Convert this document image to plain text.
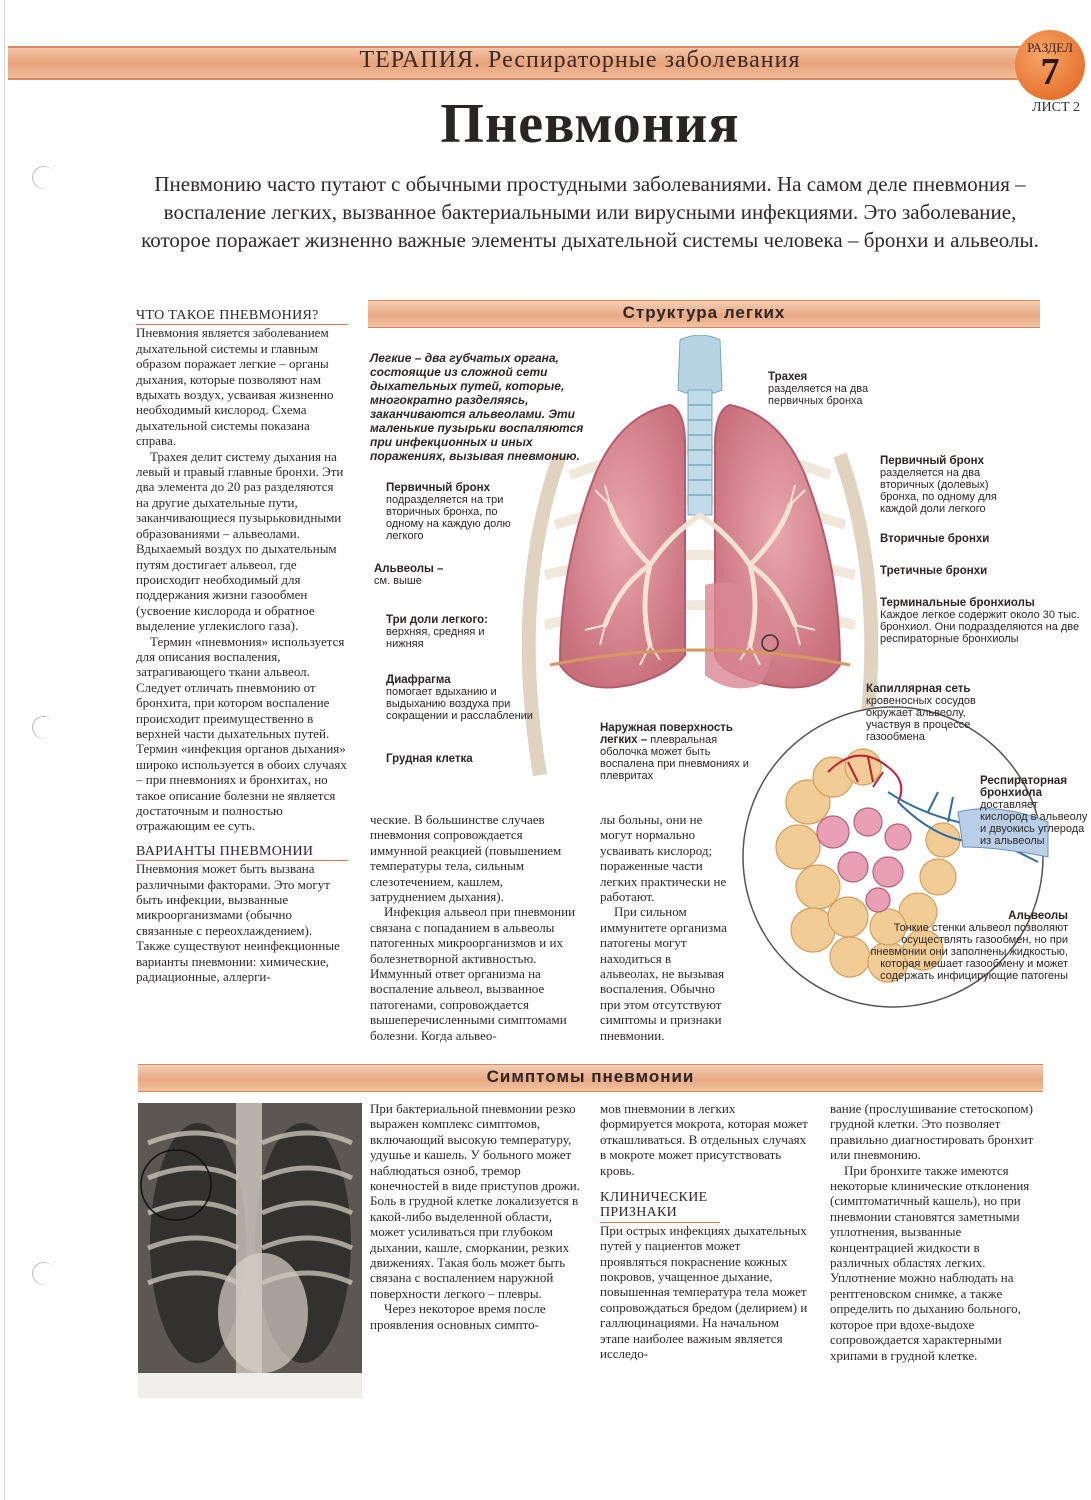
ТЕРАПИЯ. Респираторные заболевания	РАЗДЕЛ
7
ЛИСТ 2
Пневмония
Пневмонию часто путают с обычными простудными заболеваниями. На самом деле пневмония – воспаление легких, вызванное бактериальными или вирусными инфекциями. Это заболевание, которое поражает жизненно важные элементы дыхательной системы человека – бронхи и альвеолы.
ЧТО ТАКОЕ ПНЕВМОНИЯ?

Пневмония является заболеванием дыхательной системы и главным образом поражает легкие – органы дыхания, которые позволяют нам вдыхать воздух, усваивая жизненно необходимый кислород. Схема дыхательной системы показана справа.

Трахея делит систему дыхания на левый и правый главные бронхи. Эти два элемента до 20 раз разделяются на другие дыхательные пути, заканчивающиеся пузырьковидными образованиями – альвеолами. Вдыхаемый воздух по дыхательным путям достигает альвеол, где происходит необходимый для поддержания жизни газообмен (усвоение кислорода и обратное выделение углекислого газа).

Термин «пневмония» используется для описания воспаления, затрагивающего ткани альвеол. Следует отличать пневмонию от бронхита, при котором воспаление происходит преимущественно в верхней части дыхательных путей. Термин «инфекция органов дыхания» широко используется в обоих случаях – при пневмониях и бронхитах, но такое описание болезни не является достаточным и полностью отражающим ее суть.

ВАРИАНТЫ ПНЕВМОНИИ

Пневмония может быть вызвана различными факторами. Это могут быть инфекции, вызванные микроорганизмами (обычно связанные с переохлаждением). Также существуют неинфекционные варианты пневмонии: химические, радиационные, аллерги-

Структура легких
Легкие – два губчатых органа, состоящие из сложной сети дыхательных путей, которые, многократно разделяясь, заканчиваются альвеолами. Эти маленькие пузырьки воспаляются при инфекционных и иных поражениях, вызывая пневмонию.
Трахея
разделяется на два первичных бронха
Первичный бронх
подразделяется на три вторичных бронха, по одному на каждую долю легкого
Первичный бронх
разделяется на два вторичных (долевых) бронха, по одному для каждой доли легкого
Вторичные бронхи
Третичные бронхи
Альвеолы –
см. выше
Три доли легкого:
верхняя, средняя и нижняя
Терминальные бронхиолы
Каждое легкое содержит около 30 тыс. бронхиол. Они подразделяются на две респираторные бронхиолы
Диафрагма
помогает вдыханию и выдыханию воздуха при сокращении и расслаблении
Грудная клетка
Наружная поверхность легких – плевральная оболочка может быть воспалена при пневмониях и плевритах
Капиллярная сеть
кровеносных сосудов окружает альвеолу, участвуя в процессе газообмена
Респираторная бронхиола
доставляет кислород в альвеолу и двуокись углерода из альвеолы
Альвеолы
Тонкие стенки альвеол позволяют осуществлять газообмен, но при пневмонии они заполнены жидкостью, которая мешает газообмену и может содержать инфицирующие патогены

ческие. В большинстве случаев пневмония сопровождается иммунной реакцией (повышением температуры тела, сильным слезотечением, кашлем, затруднением дыхания).

Инфекция альвеол при пневмонии связана с попаданием в альвеолы патогенных микроорганизмов и их болезнетворной активностью. Иммунный ответ организма на воспаление альвеол, вызванное патогенами, сопровождается вышеперечисленными симптомами болезни. Когда альвео-

лы больны, они не могут нормально усваивать кислород; пораженные части легких практически не работают.

При сильном иммунитете организма патогены могут находиться в альвеолах, не вызывая воспаления. Обычно при этом отсутствуют симптомы и признаки пневмонии.

Симптомы пневмонии

При бактериальной пневмонии резко выражен комплекс симптомов, включающий высокую температуру, удушье и кашель. У больного может наблюдаться озноб, тремор конечностей в виде приступов дрожи. Боль в грудной клетке локализуется в какой-либо выделенной области, может усиливаться при глубоком дыхании, кашле, сморкании, резких движениях. Такая боль может быть связана с воспалением наружной поверхности легкого – плевры.

Через некоторое время после проявления основных симпто-

мов пневмонии в легких формируется мокрота, которая может откашливаться. В отдельных случаях в мокроте может присутствовать кровь.

КЛИНИЧЕСКИЕ ПРИЗНАКИ

При острых инфекциях дыхательных путей у пациентов может проявляться покраснение кожных покровов, учащенное дыхание, повышенная температура тела может сопровождаться бредом (делирием) и галлюцинациями. На начальном этапе наиболее важным является исследо-

вание (прослушивание стетоскопом) грудной клетки. Это позволяет правильно диагностировать бронхит или пневмонию.

При бронхите также имеются некоторые клинические отклонения (симптоматичный кашель), но при пневмонии становятся заметными уплотнения, вызванные концентрацией жидкости в различных областях легких. Уплотнение можно наблюдать на рентгеновском снимке, а также определить по дыханию больного, которое при вдохе-выдохе сопровождается характерными хрипами в грудной клетке.
